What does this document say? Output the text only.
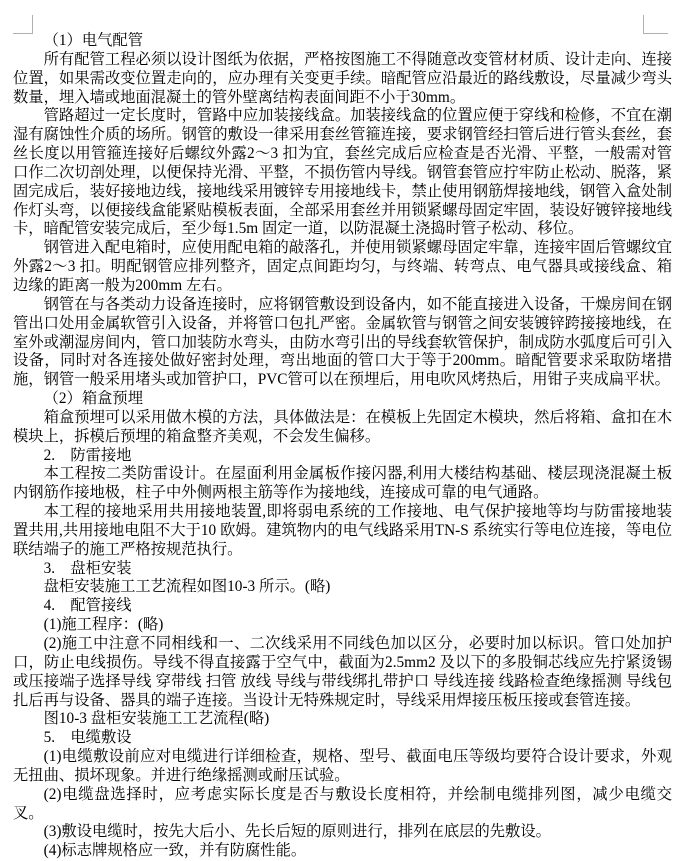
（1）电气配管

所有配管工程必须以设计图纸为依据，严格按图施工不得随意改变管材材质、设计走向、连接位置，如果需改变位置走向的，应办理有关变更手续。暗配管应沿最近的路线敷设，尽量减少弯头数量，埋入墙或地面混凝土的管外壁离结构表面间距不小于30mm。

管路超过一定长度时，管路中应加装接线盒。加装接线盒的位置应便于穿线和检修，不宜在潮湿有腐蚀性介质的场所。钢管的敷设一律采用套丝管箍连接，要求钢管经扫管后进行管头套丝，套丝长度以用管箍连接好后螺纹外露2～3 扣为宜，套丝完成后应检查是否光滑、平整，一般需对管口作二次切剖处理，以便保持光滑、平整，不损伤管内导线。钢管套管应拧牢防止松动、脱落，紧固完成后，装好接地边线，接地线采用镀锌专用接地线卡，禁止使用钢筋焊接地线，钢管入盒处制作灯头弯，以便接线盒能紧贴模板表面，全部采用套丝并用锁紧螺母固定牢固，装设好镀锌接地线卡，暗配管安装完成后，至少每1.5m 固定一道，以防混凝土浇捣时管子松动、移位。

钢管进入配电箱时，应使用配电箱的敲落孔，并使用锁紧螺母固定牢靠，连接牢固后管螺纹宜外露2～3 扣。明配钢管应排列整齐，固定点间距均匀，与终端、转弯点、电气器具或接线盒、箱边缘的距离一般为200mm 左右。

钢管在与各类动力设备连接时，应将钢管敷设到设备内，如不能直接进入设备，干燥房间在钢管出口处用金属软管引入设备，并将管口包扎严密。金属软管与钢管之间安装镀锌跨接接地线，在室外或潮湿房间内，管口加装防水弯头，由防水弯引出的导线套软管保护，制成防水弧度后可引入设备，同时对各连接处做好密封处理，弯出地面的管口大于等于200mm。暗配管要求采取防堵措施，钢管一般采用堵头或加管护口，PVC管可以在预埋后，用电吹风烤热后，用钳子夹成扁平状。

（2）箱盒预埋

箱盒预埋可以采用做木模的方法，具体做法是：在模板上先固定木模块，然后将箱、盒扣在木模块上，拆模后预埋的箱盒整齐美观，不会发生偏移。

2.　防雷接地

本工程按二类防雷设计。在屋面利用金属板作接闪器,利用大楼结构基础、楼层现浇混凝土板内钢筋作接地极，柱子中外侧两根主筋等作为接地线，连接成可靠的电气通路。

本工程的接地采用共用接地装置,即将弱电系统的工作接地、电气保护接地等均与防雷接地装置共用,共用接地电阻不大于10 欧姆。建筑物内的电气线路采用TN-S 系统实行等电位连接，等电位联结端子的施工严格按规范执行。

3.　盘柜安装

盘柜安装施工工艺流程如图10-3 所示。(略)

4.　配管接线

(1)施工程序：(略)

(2)施工中注意不同相线和一、二次线采用不同线色加以区分，必要时加以标识。管口处加护口，防止电线损伤。导线不得直接露于空气中，截面为2.5mm2 及以下的多股铜芯线应先拧紧烫锡或压接端子选择导线 穿带线 扫管 放线 导线与带线绑扎带护口 导线连接 线路检查绝缘摇测 导线包扎后再与设备、器具的端子连接。当设计无特殊规定时，导线采用焊接压板压接或套管连接。

图10-3 盘柜安装施工工艺流程(略)

5.　电缆敷设

(1)电缆敷设前应对电缆进行详细检查，规格、型号、截面电压等级均要符合设计要求，外观无扭曲、损坏现象。并进行绝缘摇测或耐压试验。

(2)电缆盘选择时，应考虑实际长度是否与敷设长度相符，并绘制电缆排列图，减少电缆交叉。

(3)敷设电缆时，按先大后小、先长后短的原则进行，排列在底层的先敷设。

(4)标志牌规格应一致，并有防腐性能。
